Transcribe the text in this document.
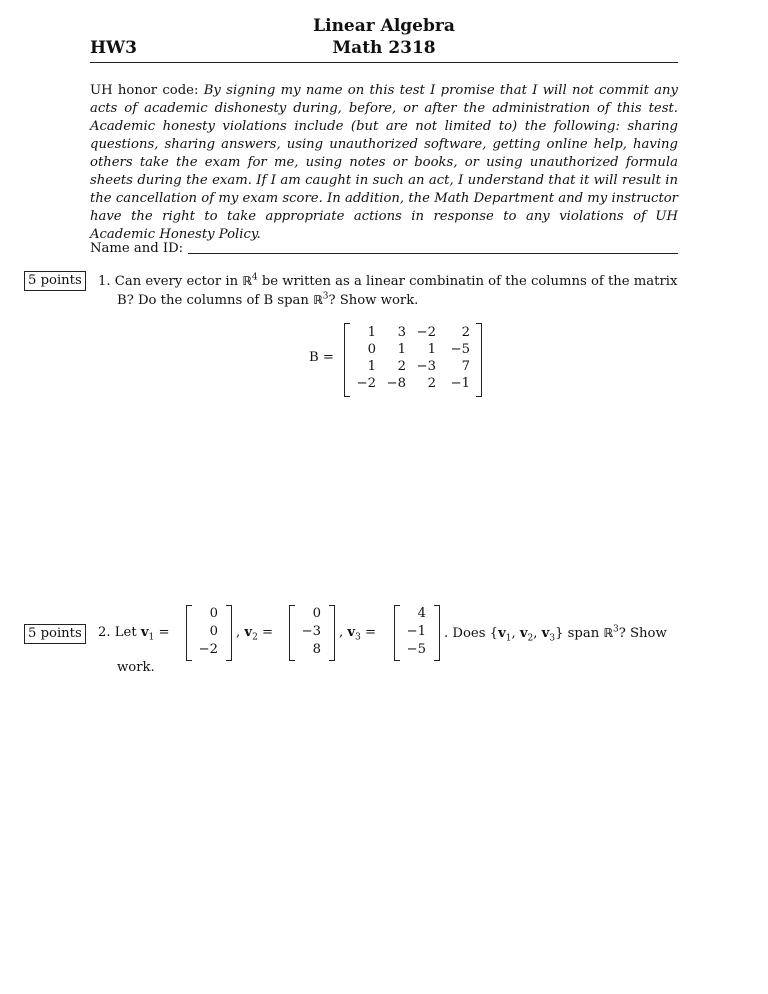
Linear Algebra
Math 2318
HW3
UH honor code: By signing my name on this test I promise that I will not commit any acts of academic dishonesty during, before, or after the administration of this test. Academic honesty violations include (but are not limited to) the following: sharing questions, sharing answers, using unauthorized software, getting online help, having others take the exam for me, using notes or books, or using unauthorized formula sheets during the exam. If I am caught in such an act, I understand that it will result in the cancellation of my exam score. In addition, the Math Department and my instructor have the right to take appropriate actions in response to any violations of UH Academic Honesty Policy.
Name and ID:
5 points	1. Can every ector in ℝ$^4$ be written as a linear combinatin of the columns of the matrix
B? Do the columns of B span ℝ$^3$? Show work.
B =
1	3 −2	2
0	1	1	−5
1	2 −3	7
−2 −8	2	−1
5 points	2. Let $v_1$ =
0
0
−2
, $v_2$ =
0
−3
8
, $v_3$ =
4
−1
−5
. Does {$v_1$, $v_2$, $v_3$} span ℝ$^3$? Show
work.
